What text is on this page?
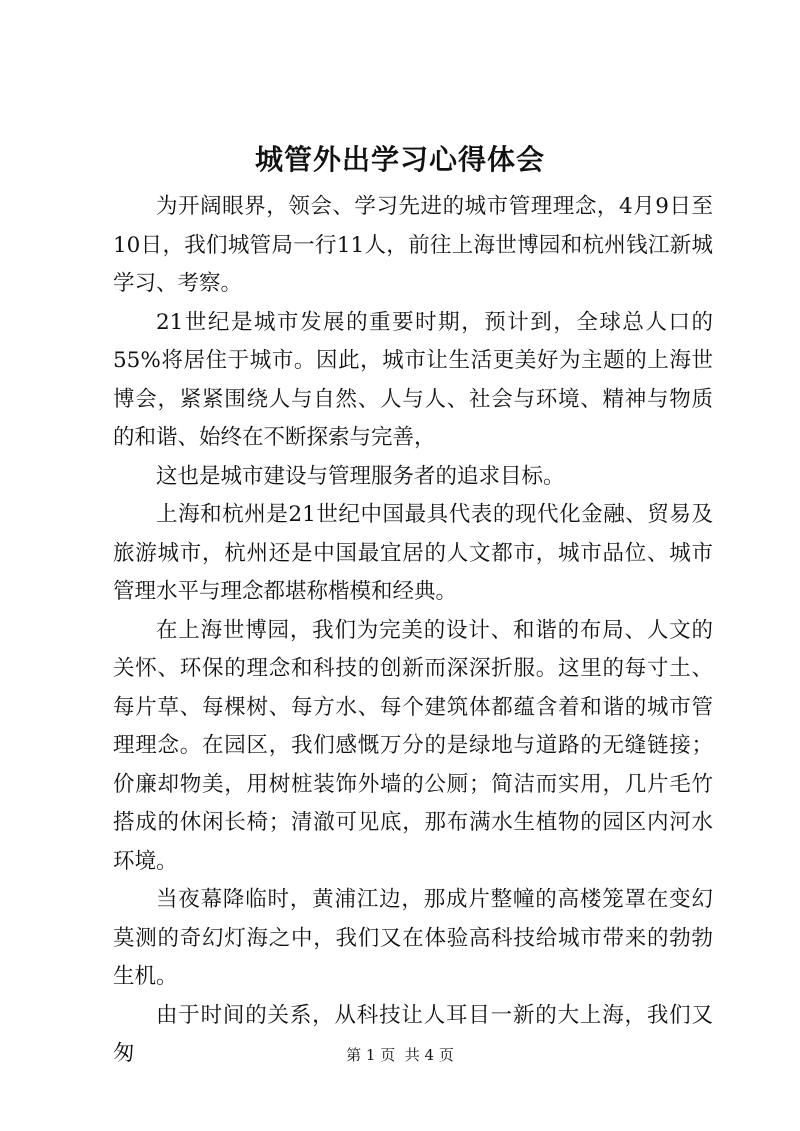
城管外出学习心得体会

为开阔眼界，领会、学习先进的城市管理理念，4月9日至10日，我们城管局一行11人，前往上海世博园和杭州钱江新城学习、考察。

21世纪是城市发展的重要时期，预计到，全球总人口的55%将居住于城市。因此，城市让生活更美好为主题的上海世博会，紧紧围绕人与自然、人与人、社会与环境、精神与物质的和谐、始终在不断探索与完善，

这也是城市建设与管理服务者的追求目标。

上海和杭州是21世纪中国最具代表的现代化金融、贸易及旅游城市，杭州还是中国最宜居的人文都市，城市品位、城市管理水平与理念都堪称楷模和经典。

在上海世博园，我们为完美的设计、和谐的布局、人文的关怀、环保的理念和科技的创新而深深折服。这里的每寸土、每片草、每棵树、每方水、每个建筑体都蕴含着和谐的城市管理理念。在园区，我们感慨万分的是绿地与道路的无缝链接；价廉却物美，用树桩装饰外墙的公厕；简洁而实用，几片毛竹搭成的休闲长椅；清澈可见底，那布满水生植物的园区内河水环境。

当夜幕降临时，黄浦江边，那成片整幢的高楼笼罩在变幻莫测的奇幻灯海之中，我们又在体验高科技给城市带来的勃勃生机。

由于时间的关系，从科技让人耳目一新的大上海，我们又匆	第 1 页  共 4 页
